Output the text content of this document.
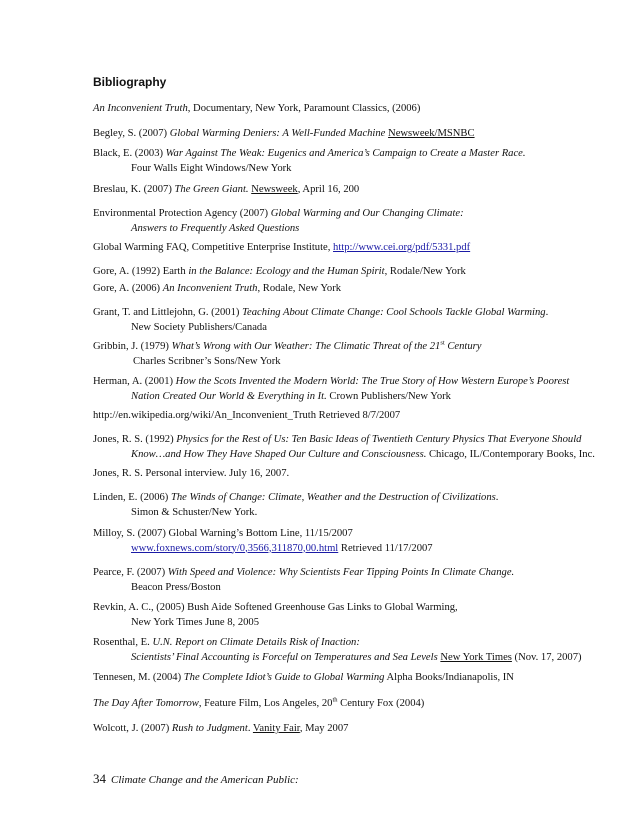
Bibliography
An Inconvenient Truth, Documentary, New York, Paramount Classics, (2006)
Begley, S. (2007) Global Warming Deniers: A Well-Funded Machine Newsweek/MSNBC
Black, E. (2003) War Against The Weak: Eugenics and America’s Campaign to Create a Master Race.
Four Walls Eight Windows/New York
Breslau, K. (2007) The Green Giant. Newsweek, April 16, 200
Environmental Protection Agency (2007) Global Warming and Our Changing Climate:
Answers to Frequently Asked Questions
Global Warming FAQ, Competitive Enterprise Institute, http://www.cei.org/pdf/5331.pdf
Gore, A. (1992) Earth in the Balance: Ecology and the Human Spirit, Rodale/New York
Gore, A. (2006) An Inconvenient Truth, Rodale, New York
Grant, T. and Littlejohn, G. (2001) Teaching About Climate Change: Cool Schools Tackle Global Warming.
New Society Publishers/Canada
Gribbin, J. (1979) What’s Wrong with Our Weather: The Climatic Threat of the 21st Century
Charles Scribner’s Sons/New York
Herman, A. (2001) How the Scots Invented the Modern World: The True Story of How Western Europe’s Poorest
Nation Created Our World & Everything in It. Crown Publishers/New York
http://en.wikipedia.org/wiki/An_Inconvenient_Truth Retrieved 8/7/2007
Jones, R. S. (1992) Physics for the Rest of Us: Ten Basic Ideas of Twentieth Century Physics That Everyone Should
Know…and How They Have Shaped Our Culture and Consciousness. Chicago, IL/Contemporary Books, Inc.
Jones, R. S. Personal interview. July 16, 2007.
Linden, E. (2006) The Winds of Change: Climate, Weather and the Destruction of Civilizations.
Simon & Schuster/New York.
Milloy, S. (2007) Global Warning’s Bottom Line, 11/15/2007
www.foxnews.com/story/0,3566,311870,00.html Retrieved 11/17/2007
Pearce, F. (2007) With Speed and Violence: Why Scientists Fear Tipping Points In Climate Change.
Beacon Press/Boston
Revkin, A. C., (2005) Bush Aide Softened Greenhouse Gas Links to Global Warming,
New York Times June 8, 2005
Rosenthal, E. U.N. Report on Climate Details Risk of Inaction:
Scientists’ Final Accounting is Forceful on Temperatures and Sea Levels New York Times (Nov. 17, 2007)
Tennesen, M. (2004) The Complete Idiot’s Guide to Global Warming Alpha Books/Indianapolis, IN
The Day After Tomorrow, Feature Film, Los Angeles, 20th Century Fox (2004)
Wolcott, J. (2007) Rush to Judgment. Vanity Fair, May 2007
34 Climate Change and the American Public:
